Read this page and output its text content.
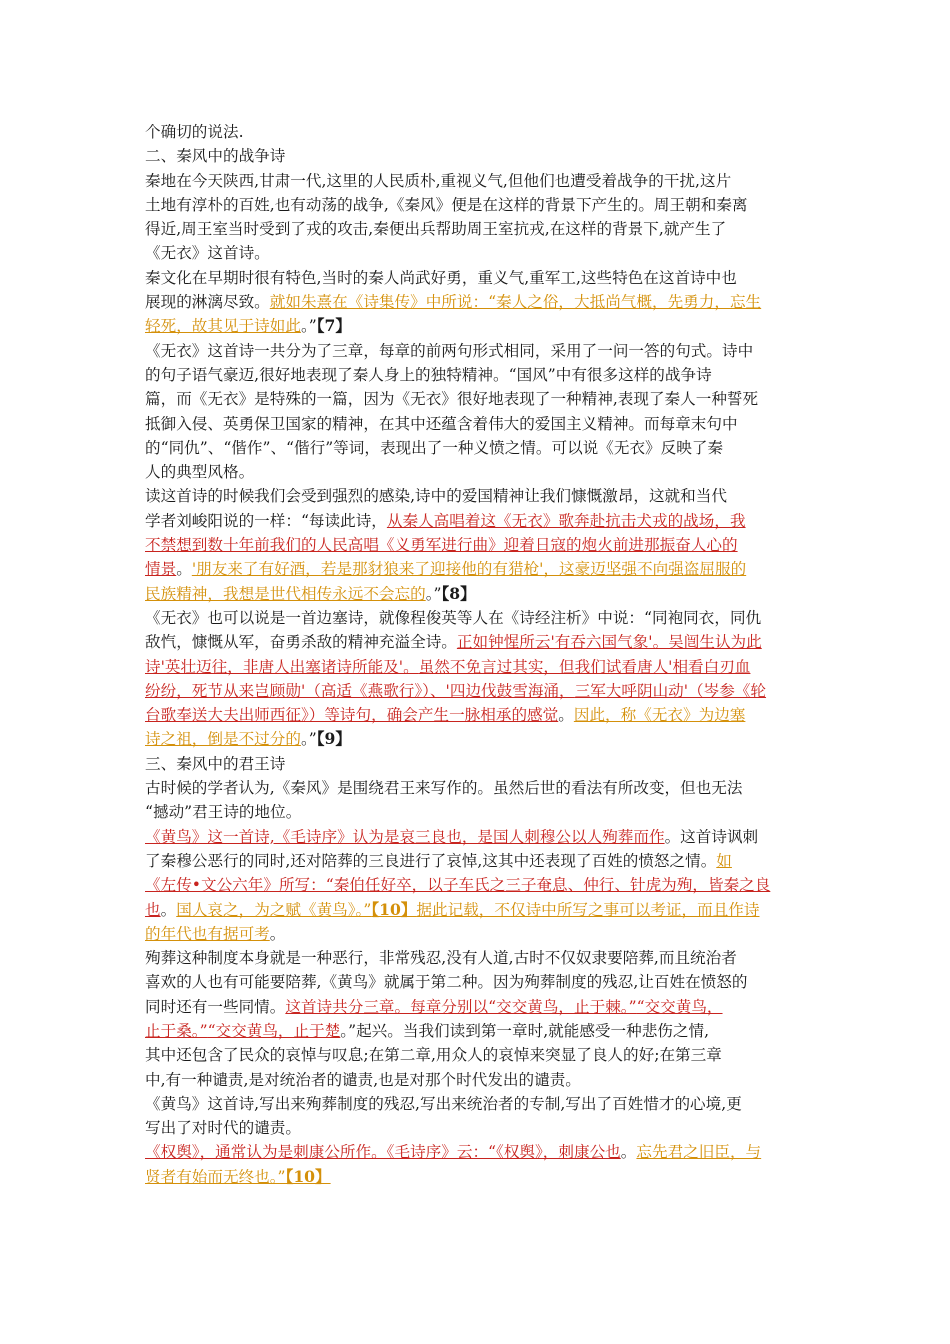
个确切的说法.
二、秦风中的战争诗
秦地在今天陕西,甘肃一代,这里的人民质朴,重视义气,但他们也遭受着战争的干扰,这片
土地有淳朴的百姓,也有动荡的战争,《秦风》便是在这样的背景下产生的。周王朝和秦离
得近,周王室当时受到了戎的攻击,秦便出兵帮助周王室抗戎,在这样的背景下,就产生了
《无衣》这首诗。
秦文化在早期时很有特色,当时的秦人尚武好勇，重义气,重军工,这些特色在这首诗中也
展现的淋漓尽致。就如朱熹在《诗集传》中所说：“秦人之俗，大抵尚气概，先勇力，忘生
轻死，故其见于诗如此。”【7】
《无衣》这首诗一共分为了三章，每章的前两句形式相同，采用了一问一答的句式。诗中
的句子语气豪迈,很好地表现了秦人身上的独特精神。“国风”中有很多这样的战争诗
篇，而《无衣》是特殊的一篇，因为《无衣》很好地表现了一种精神,表现了秦人一种誓死
抵御入侵、英勇保卫国家的精神，在其中还蕴含着伟大的爱国主义精神。而每章末句中
的“同仇”、“偕作”、“偕行”等词，表现出了一种义愤之情。可以说《无衣》反映了秦
人的典型风格。
读这首诗的时候我们会受到强烈的感染,诗中的爱国精神让我们慷慨激昂，这就和当代
学者刘峻阳说的一样：“每读此诗，从秦人高唱着这《无衣》歌奔赴抗击犬戎的战场，我
不禁想到数十年前我们的人民高唱《义勇军进行曲》迎着日寇的炮火前进那振奋人心的
情景。'朋友来了有好酒，若是那豺狼来了迎接他的有猎枪'，这豪迈坚强不向强盗屈服的
民族精神，我想是世代相传永远不会忘的。”【8】
《无衣》也可以说是一首边塞诗，就像程俊英等人在《诗经注析》中说：“同袍同衣，同仇
敌忾，慷慨从军，奋勇杀敌的精神充溢全诗。正如钟惺所云'有吞六国气象'。吴闿生认为此
诗'英壮迈往，非唐人出塞诸诗所能及'。虽然不免言过其实，但我们试看唐人'相看白刃血
纷纷，死节从来岂顾勋'（高适《燕歌行》）、'四边伐鼓雪海涌，三军大呼阴山动'（岑参《轮
台歌奉送大夫出师西征》）等诗句，确会产生一脉相承的感觉。因此，称《无衣》为边塞
诗之祖，倒是不过分的。”【9】
三、秦风中的君王诗
古时候的学者认为,《秦风》是围绕君王来写作的。虽然后世的看法有所改变，但也无法
“撼动”君王诗的地位。
《黄鸟》这一首诗,《毛诗序》认为是哀三良也，是国人刺穆公以人殉葬而作。这首诗讽刺
了秦穆公恶行的同时,还对陪葬的三良进行了哀悼,这其中还表现了百姓的愤怒之情。如
《左传•文公六年》所写：“秦伯任好卒，以子车氏之三子奄息、仲行、针虎为殉，皆秦之良
也。国人哀之，为之赋《黄鸟》。”【10】据此记载，不仅诗中所写之事可以考证，而且作诗
的年代也有据可考。
殉葬这种制度本身就是一种恶行，非常残忍,没有人道,古时不仅奴隶要陪葬,而且统治者
喜欢的人也有可能要陪葬,《黄鸟》就属于第二种。因为殉葬制度的残忍,让百姓在愤怒的
同时还有一些同情。这首诗共分三章。每章分别以“交交黄鸟，止于棘。”“交交黄鸟，
止于桑。”“交交黄鸟，止于楚。”起兴。当我们读到第一章时,就能感受一种悲伤之情,
其中还包含了民众的哀悼与叹息;在第二章,用众人的哀悼来突显了良人的好;在第三章
中,有一种谴责,是对统治者的谴责,也是对那个时代发出的谴责。
《黄鸟》这首诗,写出来殉葬制度的残忍,写出来统治者的专制,写出了百姓惜才的心境,更
写出了对时代的谴责。
《权舆》，通常认为是刺康公所作。《毛诗序》云：“《权舆》，刺康公也。忘先君之旧臣，与
贤者有始而无终也。”【10】
